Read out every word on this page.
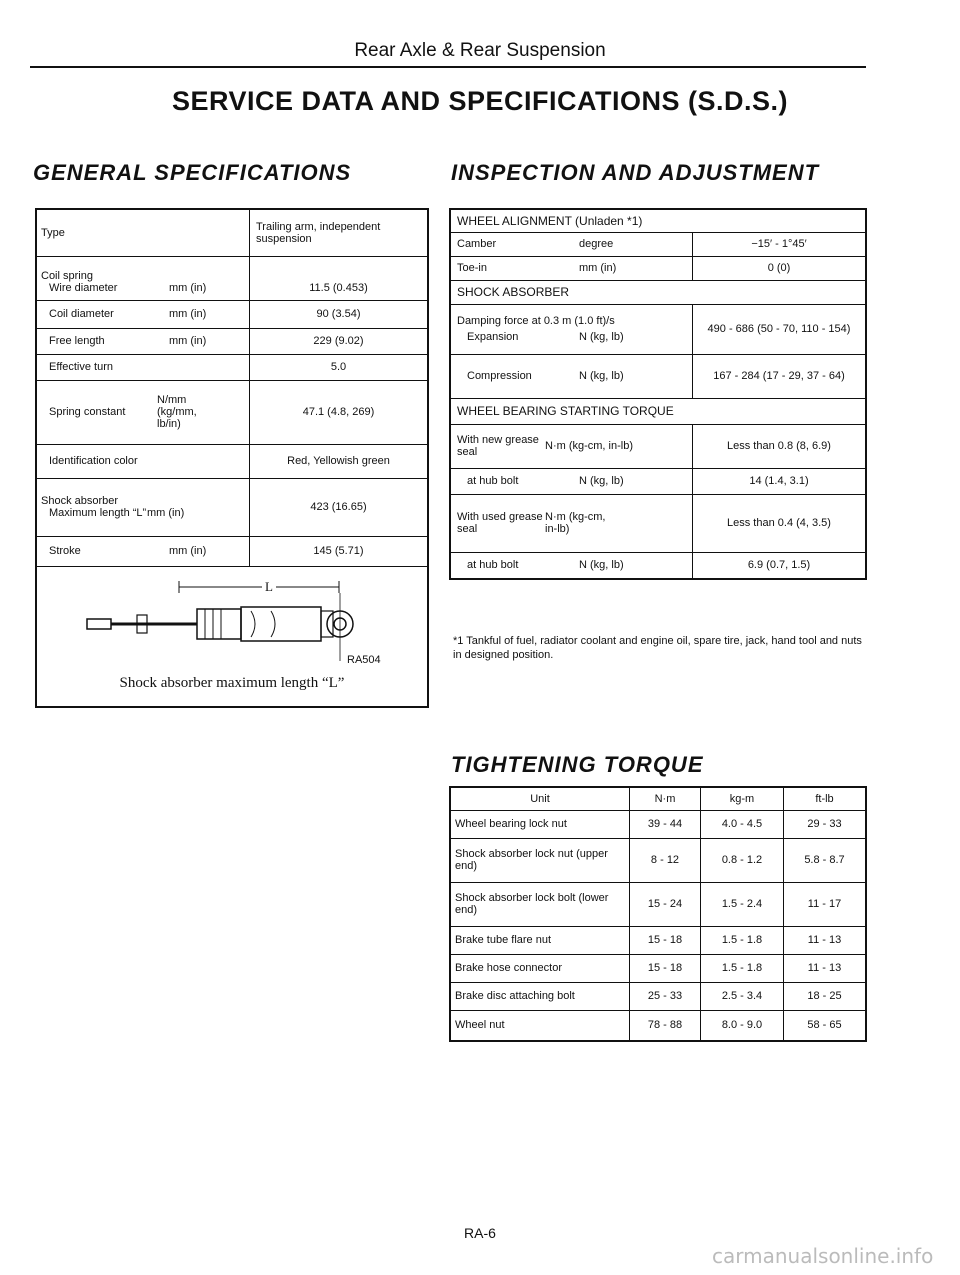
Rear Axle & Rear Suspension
SERVICE DATA AND SPECIFICATIONS (S.D.S.)
GENERAL SPECIFICATIONS	INSPECTION AND ADJUSTMENT
Type	Trailing arm, independent suspension

Coil spring
Wire diameter mm (in)	11.5 (0.453)
Coil diameter mm (in)	90 (3.54)
Free length mm (in)	229 (9.02)
Effective turn	5.0
Spring constantN/mm (kg/mm, lb/in)	47.1 (4.8, 269)
Identification color	Red, Yellowish green

Shock absorber
Maximum length “L”mm (in)	423 (16.65)
Stroke mm (in)	145 (5.71)
L
RA504
Shock absorber maximum length “L”
WHEEL ALIGNMENT (Unladen *1)	
Camber degree	−15′ - 1°45′
Toe-in mm (in)	0 (0)
SHOCK ABSORBER	

Damping force at 0.3 m (1.0 ft)/s
Expansion N (kg, lb)	490 - 686 (50 - 70, 110 - 154)
Compression N (kg, lb)	167 - 284 (17 - 29, 37 - 64)
WHEEL BEARING STARTING TORQUE	
With new grease seal N·m (kg-cm, in-lb)	Less than 0.8 (8, 6.9)
at hub bolt N (kg, lb)	14 (1.4, 3.1)
With used grease sealN·m (kg-cm, in-lb)	Less than 0.4 (4, 3.5)
at hub bolt N (kg, lb)	6.9 (0.7, 1.5)
*1 Tankful of fuel, radiator coolant and engine oil, spare tire, jack, hand tool and nuts in designed position.
TIGHTENING TORQUE
Unit	N·m	kg-m	ft-lb
Wheel bearing lock nut	39 - 44	4.0 - 4.5	29 - 33
Shock absorber lock nut (upper end)	8 - 12	0.8 - 1.2	5.8 - 8.7
Shock absorber lock bolt (lower end)	15 - 24	1.5 - 2.4	11 - 17
Brake tube flare nut	15 - 18	1.5 - 1.8	11 - 13
Brake hose connector	15 - 18	1.5 - 1.8	11 - 13
Brake disc attaching bolt	25 - 33	2.5 - 3.4	18 - 25
Wheel nut	78 - 88	8.0 - 9.0	58 - 65
RA-6
carmanualsonline.info
